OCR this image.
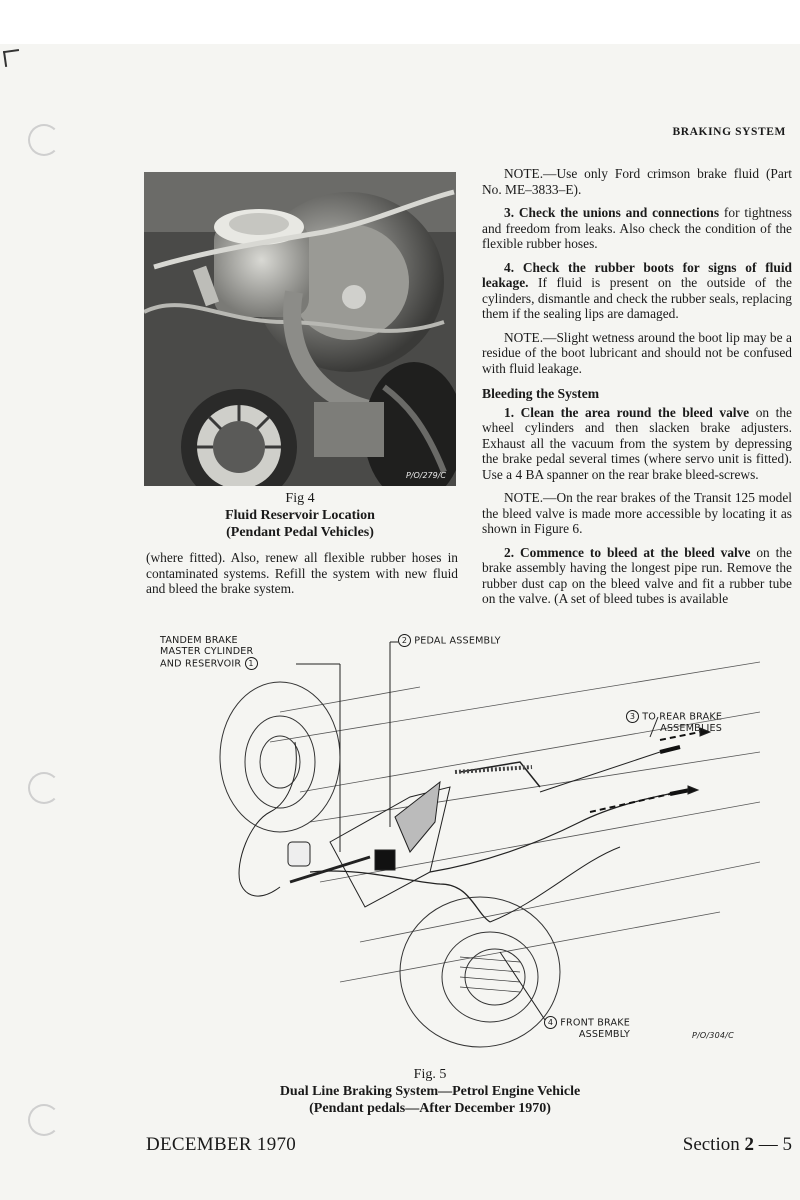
BRAKING SYSTEM
P/O/279/C
Fig 4
Fluid Reservoir Location
(Pendant Pedal Vehicles)
(where fitted). Also, renew all flexible rubber hoses in contaminated systems. Refill the system with new fluid and bleed the brake system.

NOTE.—Use only Ford crimson brake fluid (Part No. ME–3833–E).

3. Check the unions and connections for tightness and freedom from leaks. Also check the condition of the flexible rubber hoses.

4. Check the rubber boots for signs of fluid leakage. If fluid is present on the outside of the cylinders, dismantle and check the rubber seals, replacing them if the sealing lips are damaged.

NOTE.—Slight wetness around the boot lip may be a residue of the boot lubricant and should not be confused with fluid leakage.

Bleeding the System

1. Clean the area round the bleed valve on the wheel cylinders and then slacken brake adjusters. Exhaust all the vacuum from the system by depressing the brake pedal several times (where servo unit is fitted). Use a 4 BA spanner on the rear brake bleed-screws.

NOTE.—On the rear brakes of the Transit 125 model the bleed valve is made more accessible by locating it as shown in Figure 6.

2. Commence to bleed at the bleed valve on the brake assembly having the longest pipe run. Remove the rubber dust cap on the bleed valve and fit a rubber tube on the valve. (A set of bleed tubes is available

TANDEM BRAKE
MASTER CYLINDER
AND RESERVOIR 1
2 PEDAL ASSEMBLY
3 TO REAR BRAKE
ASSEMBLIES
4 FRONT BRAKE
ASSEMBLY	P/O/304/C
Fig. 5
Dual Line Braking System—Petrol Engine Vehicle
(Pendant pedals—After December 1970)
DECEMBER 1970	Section 2 — 5
